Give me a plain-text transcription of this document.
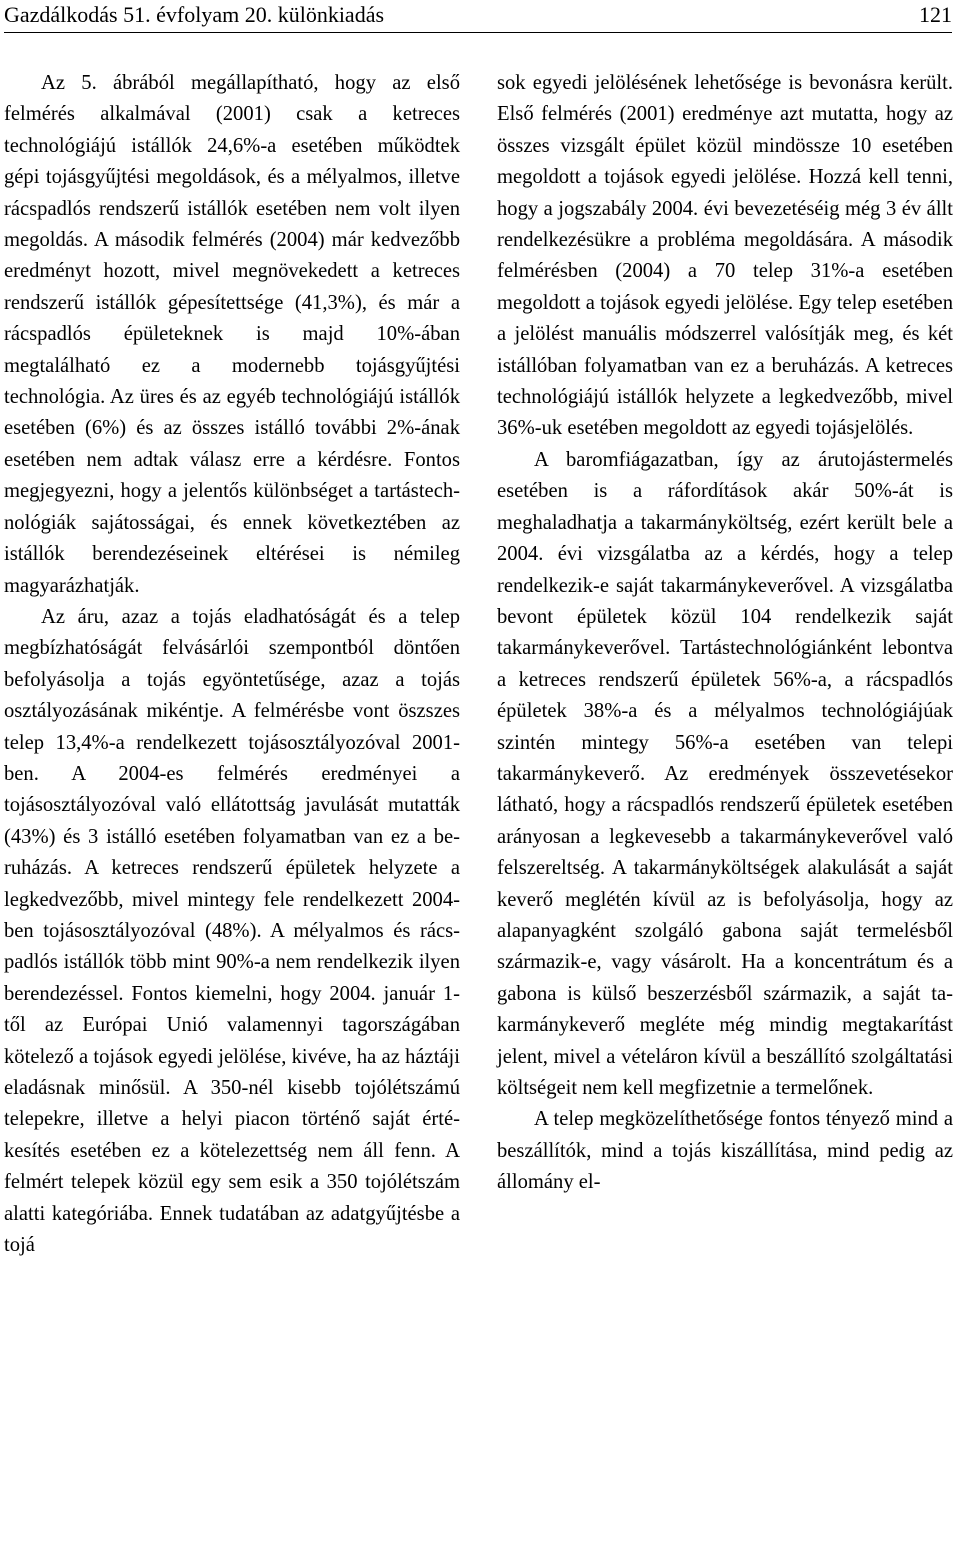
Gazdálkodás 51. évfolyam 20. különkiadás	121

Az 5. ábrából megállapítható, hogy az első felmérés alkalmával (2001) csak a ketreces technológiájú istállók 24,6%-a esetében működtek gépi tojásgyűjtési megoldások, és a mélyalmos, illetve rácspadlós rendszerű istállók esetében nem volt ilyen megoldás. A második felmérés (2004) már kedvezőbb eredményt hozott, mivel megnövekedett a ketreces rendszerű istállók gépesítettsége (41,3%), és már a rácspadlós épületeknek is majd 10%-ában megtalálható ez a modernebb tojásgyűjtési technológia. Az üres és az egyéb technológiájú istállók esetében (6%) és az összes istálló további 2%-ának esetében nem adtak válasz erre a kérdésre. Fontos megjegyezni, hogy a jelentős különbséget a tartástechnológiák sajátosságai, és ennek következtében az istállók berendezéseinek eltérései is némileg magyarázhatják.

Az áru, azaz a tojás eladhatóságát és a telep megbízhatóságát felvásárlói szempontból döntően befolyásolja a tojás egyöntetűsége, azaz a tojás osztályozásának mikéntje. A felmérésbe vont öszszes telep 13,4%-a rendelkezett tojásosztályozóval 2001-ben. A 2004-es felmérés eredményei a tojásosztályozóval való ellátottság javulását mutatták (43%) és 3 istálló esetében folyamatban van ez a beruházás. A ketreces rendszerű épületek helyzete a legkedvezőbb, mivel mintegy fele rendelkezett 2004-ben tojásosztályozóval (48%). A mélyalmos és rácspadlós istállók több mint 90%-a nem rendelkezik ilyen berendezéssel. Fontos kiemelni, hogy 2004. január 1-től az Európai Unió valamennyi tagországában kötelező a tojások egyedi jelölése, kivéve, ha az háztáji eladásnak minősül. A 350-nél kisebb tojólétszámú telepekre, illetve a helyi piacon történő saját értékesítés esetében ez a kötelezettség nem áll fenn. A felmért telepek közül egy sem esik a 350 tojólétszám alatti kategóriába. Ennek tudatában az adatgyűjtésbe a tojá

sok egyedi jelölésének lehetősége is bevonásra került. Első felmérés (2001) eredménye azt mutatta, hogy az összes vizsgált épület közül mindössze 10 esetében megoldott a tojások egyedi jelölése. Hozzá kell tenni, hogy a jogszabály 2004. évi bevezetéséig még 3 év állt rendelkezésükre a probléma megoldására. A második felmérésben (2004) a 70 telep 31%-a esetében megoldott a tojások egyedi jelölése. Egy telep esetében a jelölést manuális módszerrel valósítják meg, és két istállóban folyamatban van ez a beruházás. A ketreces technológiájú istállók helyzete a legkedvezőbb, mivel 36%-uk esetében megoldott az egyedi tojásjelölés.

A baromfiágazatban, így az árutojástermelés esetében is a ráfordítások akár 50%-át is meghaladhatja a takarmányköltség, ezért került bele a 2004. évi vizsgálatba az a kérdés, hogy a telep rendelkezik-e saját takarmánykeverővel. A vizsgálatba bevont épületek közül 104 rendelkezik saját takarmánykeverővel. Tartástechnológiánként lebontva a ketreces rendszerű épületek 56%-a, a rácspadlós épületek 38%-a és a mélyalmos technológiájúak szintén mintegy 56%-a esetében van telepi takarmánykeverő. Az eredmények összevetésekor látható, hogy a rácspadlós rendszerű épületek esetében arányosan a legkevesebb a takarmánykeverővel való felszereltség. A takarmányköltségek alakulását a saját keverő meglétén kívül az is befolyásolja, hogy az alapanyagként szolgáló gabona saját termelésből származik-e, vagy vásárolt. Ha a koncentrátum és a gabona is külső beszerzésből származik, a saját takarmánykeverő megléte még mindig megtakarítást jelent, mivel a vételáron kívül a beszállító szolgáltatási költségeit nem kell megfizetnie a termelőnek.

A telep megközelíthetősége fontos tényező mind a beszállítók, mind a tojás kiszállítása, mind pedig az állomány el-
